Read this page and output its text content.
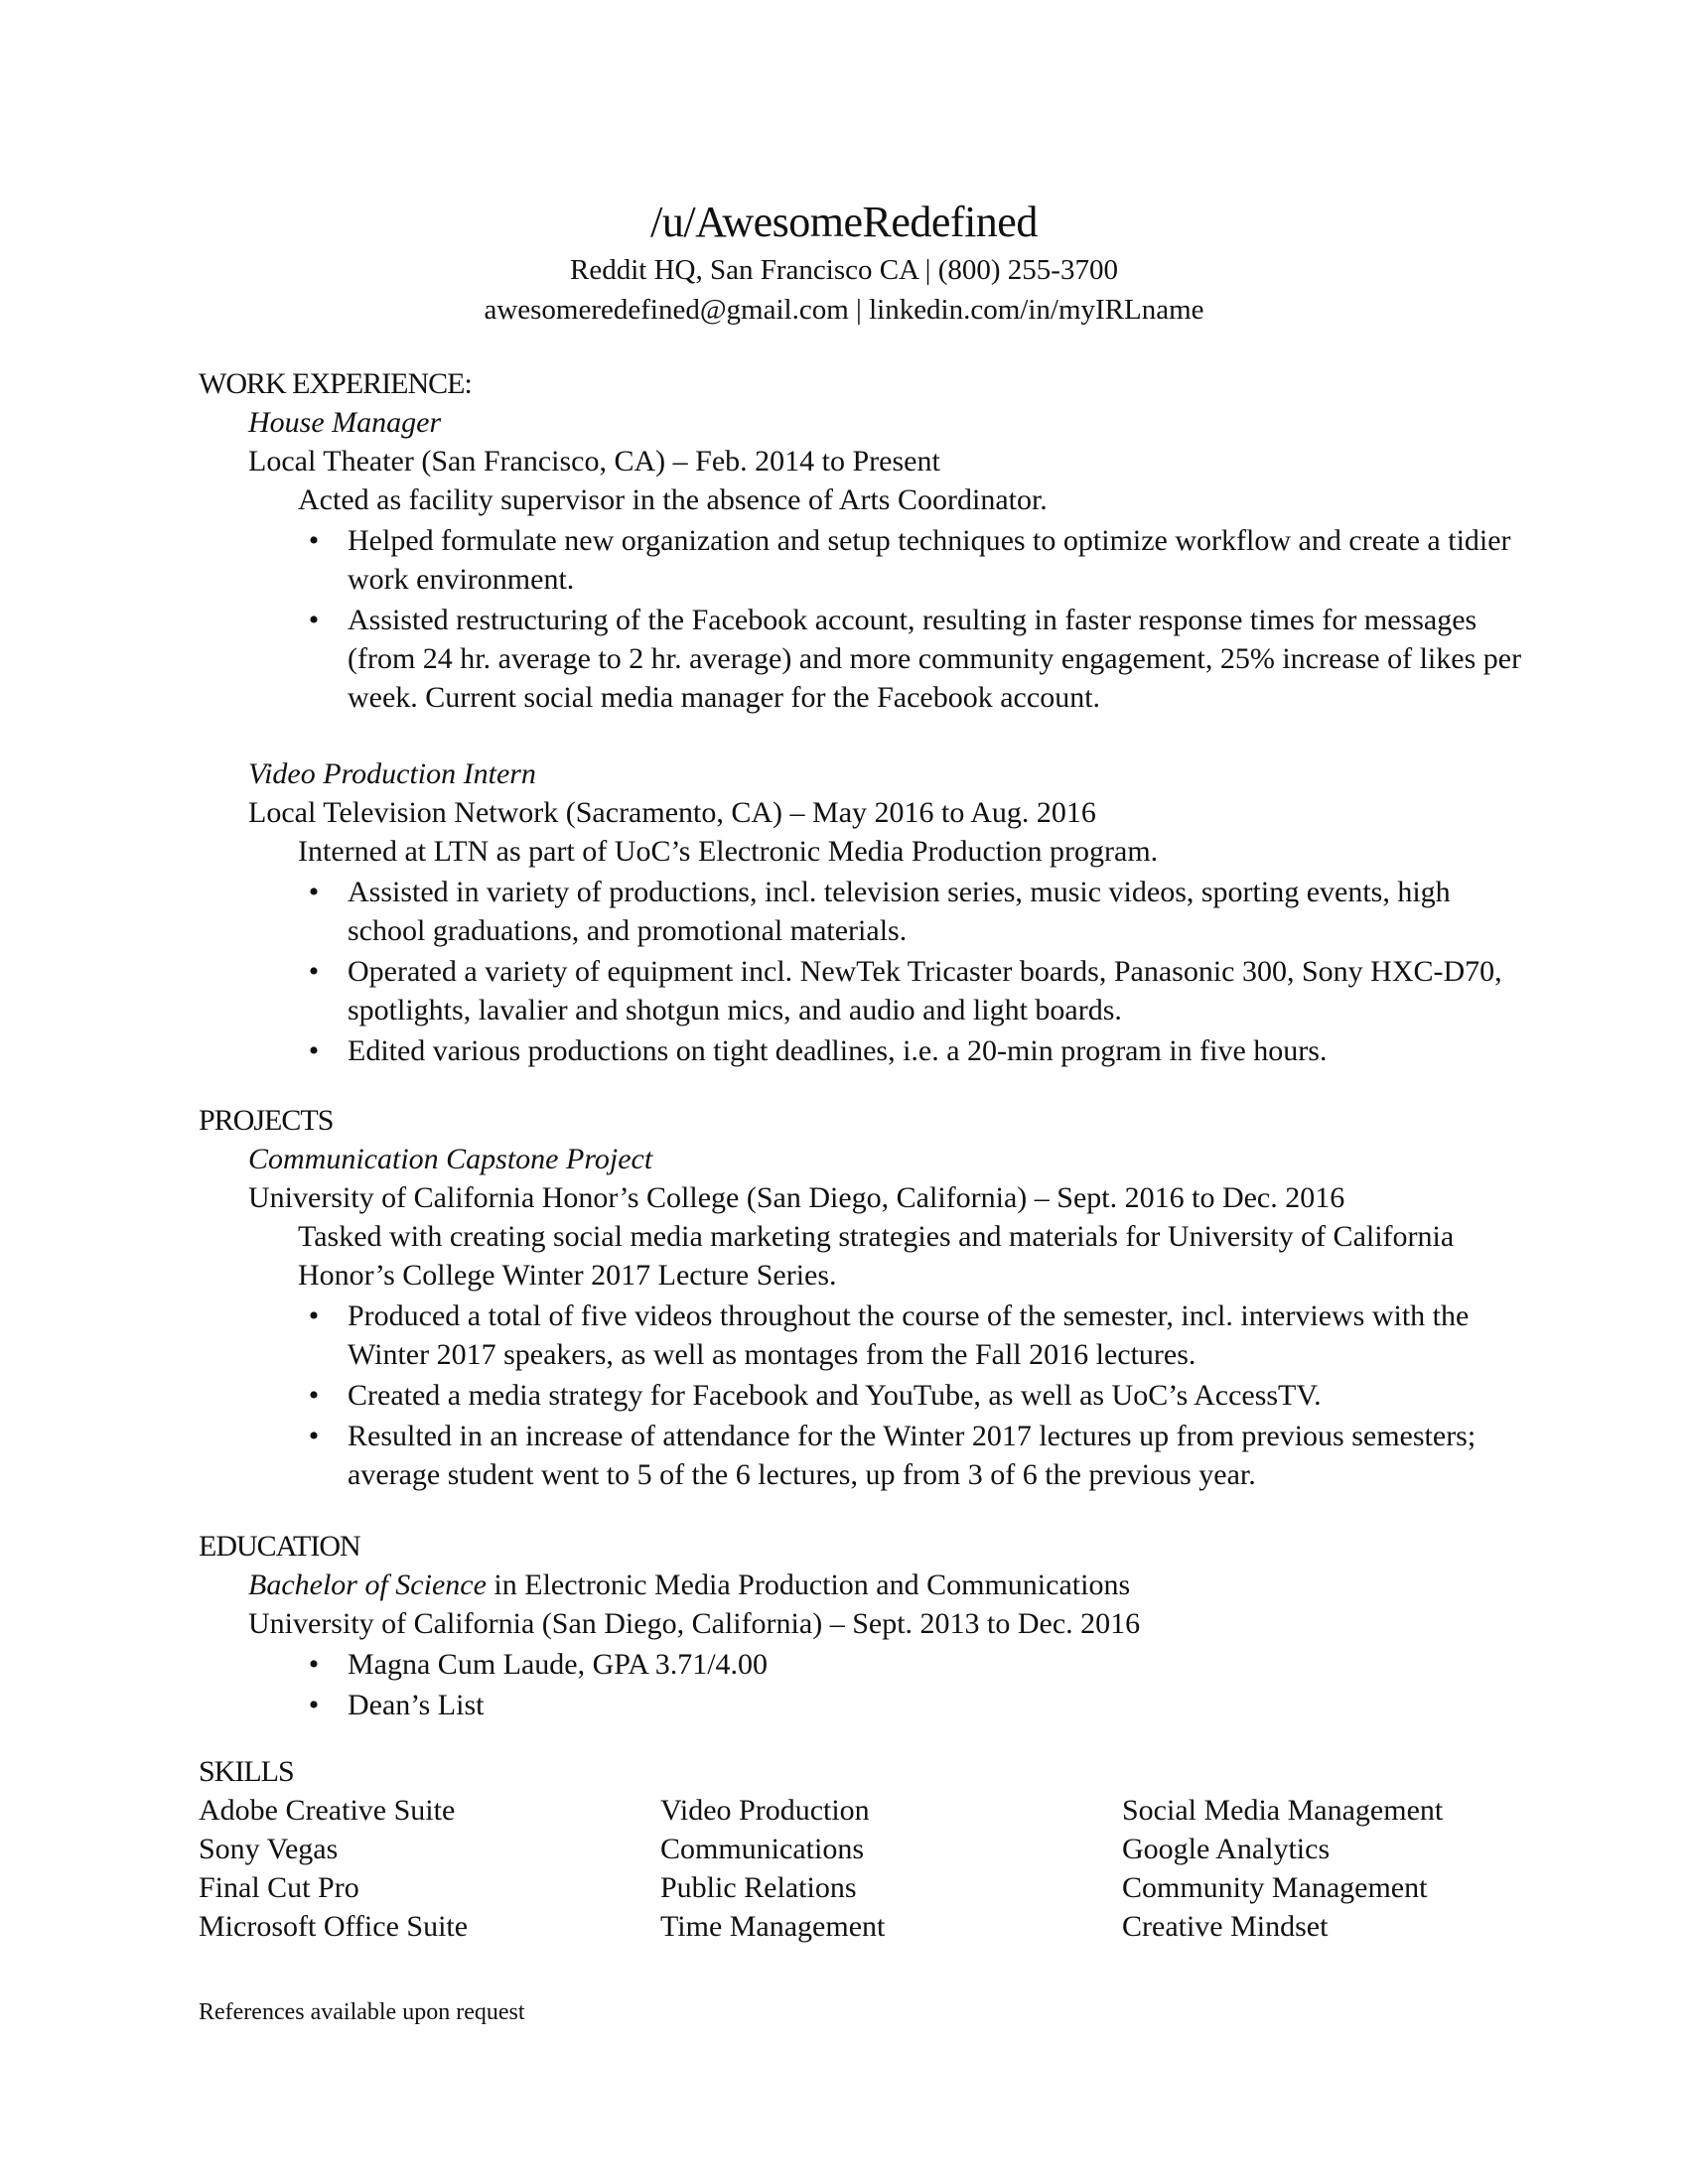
/u/AwesomeRedefined
Reddit HQ, San Francisco CA | (800) 255-3700
awesomeredefined@gmail.com | linkedin.com/in/myIRLname
WORK EXPERIENCE:
House Manager
Local Theater (San Francisco, CA) – Feb. 2014 to Present
Acted as facility supervisor in the absence of Arts Coordinator.
• Helped formulate new organization and setup techniques to optimize workflow and create a tidier work environment.
• Assisted restructuring of the Facebook account, resulting in faster response times for messages (from 24 hr. average to 2 hr. average) and more community engagement, 25% increase of likes per week. Current social media manager for the Facebook account.
Video Production Intern
Local Television Network (Sacramento, CA) – May 2016 to Aug. 2016
Interned at LTN as part of UoC’s Electronic Media Production program.
• Assisted in variety of productions, incl. television series, music videos, sporting events, high school graduations, and promotional materials.
• Operated a variety of equipment incl. NewTek Tricaster boards, Panasonic 300, Sony HXC-D70, spotlights, lavalier and shotgun mics, and audio and light boards.
• Edited various productions on tight deadlines, i.e. a 20-min program in five hours.
PROJECTS
Communication Capstone Project
University of California Honor’s College (San Diego, California) – Sept. 2016 to Dec. 2016
Tasked with creating social media marketing strategies and materials for University of California Honor’s College Winter 2017 Lecture Series.
• Produced a total of five videos throughout the course of the semester, incl. interviews with the Winter 2017 speakers, as well as montages from the Fall 2016 lectures.
• Created a media strategy for Facebook and YouTube, as well as UoC’s AccessTV.
• Resulted in an increase of attendance for the Winter 2017 lectures up from previous semesters; average student went to 5 of the 6 lectures, up from 3 of 6 the previous year.
EDUCATION
Bachelor of Science in Electronic Media Production and Communications
University of California (San Diego, California) – Sept. 2013 to Dec. 2016
• Magna Cum Laude, GPA 3.71/4.00
• Dean’s List
SKILLS
Adobe Creative Suite	Video Production	Social Media Management
Sony Vegas	Communications	Google Analytics
Final Cut Pro	Public Relations	Community Management
Microsoft Office Suite	Time Management	Creative Mindset
References available upon request
